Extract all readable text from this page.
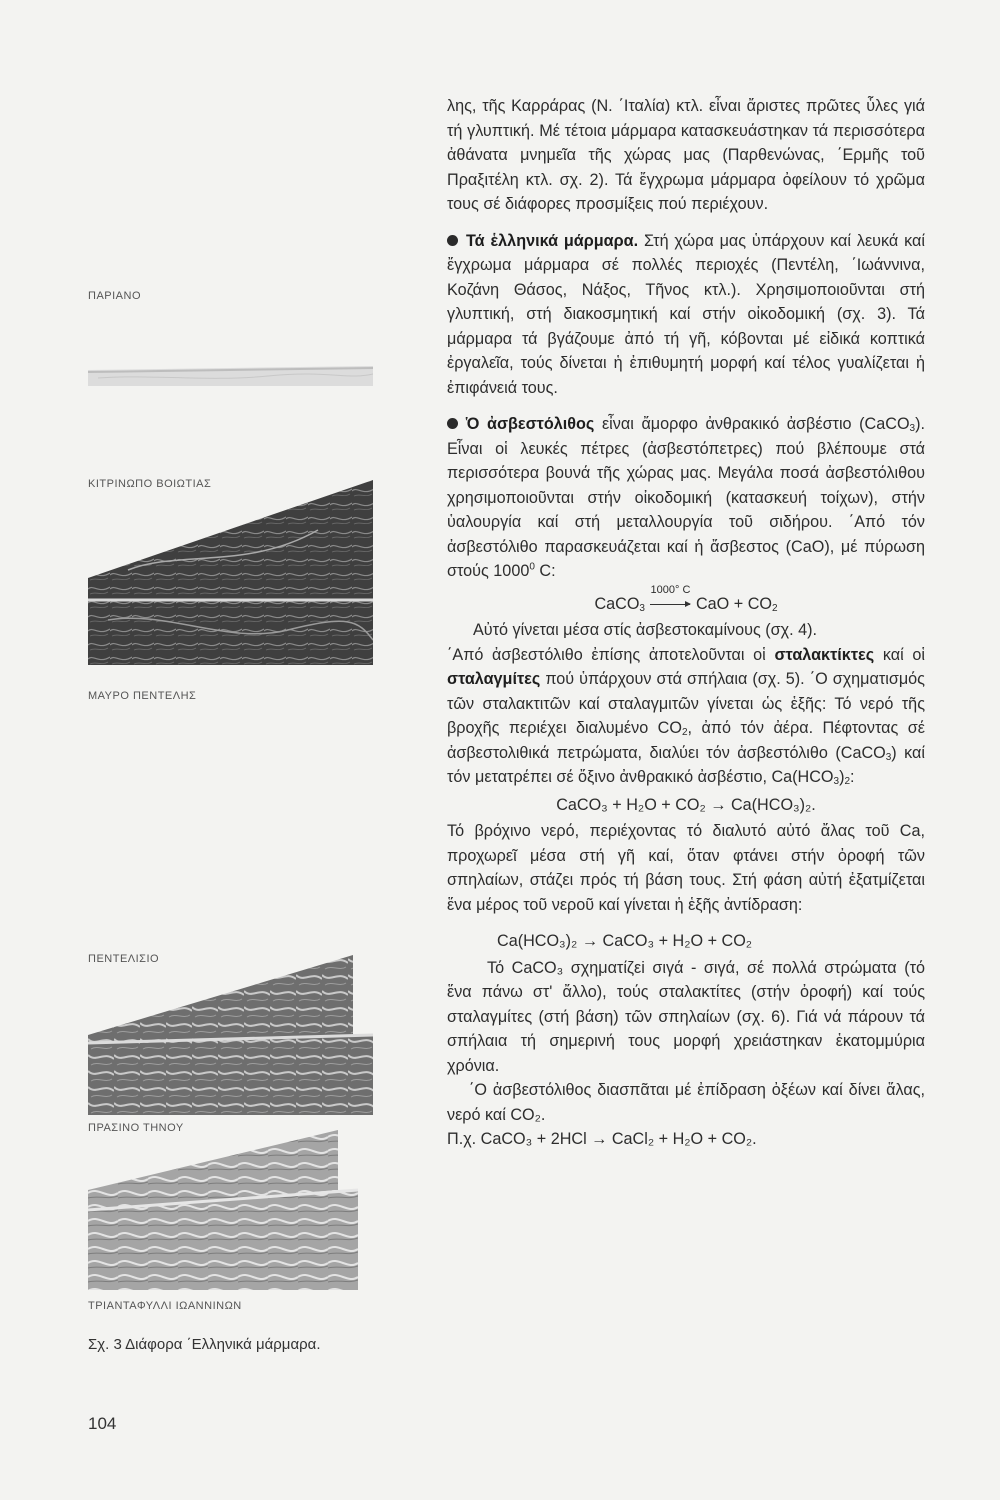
ΠΑΡΙΑΝΟ
ΚΙΤΡΙΝΩΠΟ ΒΟΙΩΤΙΑΣ
ΜΑΥΡΟ ΠΕΝΤΕΛΗΣ
ΠΕΝΤΕΛΙΣΙΟ
ΠΡΑΣΙΝΟ ΤΗΝΟΥ
ΤΡΙΑΝΤΑΦΥΛΛΙ ΙΩΑΝΝΙΝΩΝ
Σχ. 3 Διάφορα ΄Ελληνικά μάρμαρα.

λης, τῆς Καρράρας (Ν. ΄Ιταλία) κτλ. εἶναι ἄριστες πρῶτες ὗλες γιά τή γλυπτική. Μέ τέτοια μάρμαρα κατασκευάστηκαν τά περισσότερα ἀθάνατα μνημεῖα τῆς χώρας μας (Παρθενώνας, ΄Ερμῆς τοῦ Πραξιτέλη κτλ. σχ. 2). Τά ἔγχρωμα μάρμαρα ὀφείλουν τό χρῶμα τους σέ διάφορες προσμίξεις πού περιέχουν.

Τά ἑλληνικά μάρμαρα. Στή χώρα μας ὑπάρχουν καί λευκά καί ἔγχρωμα μάρμαρα σέ πολλές περιοχές (Πεντέλη, ΄Ιωάννινα, Κοζάνη Θάσος, Νάξος, Τῆνος κτλ.). Χρησιμοποιοῦνται στή γλυπτική, στή διακοσμητική καί στήν οἰκοδομική (σχ. 3). Τά μάρμαρα τά βγάζουμε ἀπό τή γῆ, κόβονται μέ εἰδικά κοπτικά ἐργαλεῖα, τούς δίνεται ἡ ἐπιθυμητή μορφή καί τέλος γυαλίζεται ἡ ἐπιφάνειά τους.

Ὁ ἀσβεστόλιθος εἶναι ἄμορφο ἀνθρακικό ἀσβέστιο (CaCO$_3$). Εἶναι οἱ λευκές πέτρες (ἀσβεστόπετρες) πού βλέπουμε στά περισσότερα βουνά τῆς χώρας μας. Μεγάλα ποσά ἀσβεστόλιθου χρησιμοποιοῦνται στήν οἰκοδομική (κατασκευή τοίχων), στήν ὑαλουργία καί στή μεταλλουργία τοῦ σιδήρου. ΄Από τόν ἀσβεστόλιθο παρασκευάζεται καί ἡ ἄσβεστος (CaO), μέ πύρωση στούς 1000$^0$ C:

CaCO$_3$
1000° C
CaO + $CO_2$

Αὐτό γίνεται μέσα στίς ἀσβεστοκαμίνους (σχ. 4).

΄Από ἀσβεστόλιθο ἐπίσης ἀποτελοῦνται οἱ σταλακτίκτες καί οἱ σταλαγμίτες πού ὑπάρχουν στά σπήλαια (σχ. 5). ΄Ο σχηματισμός τῶν σταλακτιτῶν καί σταλαγμιτῶν γίνεται ὡς ἑξῆς: Τό νερό τῆς βροχῆς περιέχει διαλυμένο $CO_2$, ἀπό τόν ἀέρα. Πέφτοντας σέ ἀσβεστολιθικά πετρώματα, διαλύει τόν ἀσβεστόλιθο (CaCO$_3$) καί τόν μετατρέπει σέ ὄξινο ἀνθρακικό ἀσβέστιο, $Ca(HCO_3)_2$:

CaCO₃ + H₂O + CO₂ → Ca(HCO₃)₂.

Τό βρόχινο νερό, περιέχοντας τό διαλυτό αὐτό ἄλας τοῦ Ca, προχωρεῖ μέσα στή γῆ καί, ὅταν φτάνει στήν ὀροφή τῶν σπηλαίων, στάζει πρός τή βάση τους. Στή φάση αὐτή ἐξατμίζεται ἕνα μέρος τοῦ νεροῦ καί γίνεται ἡ ἑξῆς ἀντίδραση:

Ca(HCO₃)₂ → CaCO₃ + H₂O + CO₂

Τό CaCO₃ σχηματίζεi σιγά - σιγά, σέ πολλά στρώματα (τό ἕνα πάνω στ' ἄλλο), τούς σταλακτίτες (στήν ὀροφή) καί τούς σταλαγμίτες (στή βάση) τῶν σπηλαίων (σχ. 6). Γιά νά πάρουν τά σπήλαια τή σημερινή τους μορφή χρειάστηκαν ἑκατομμύρια χρόνια.

΄Ο ἀσβεστόλιθος διασπᾶται μέ ἐπίδραση ὀξέων καί δίνει ἅλας, νερό καί CO₂.

Π.χ. CaCO₃ + 2HCl → CaCl₂ + H₂O + CO₂.

104
